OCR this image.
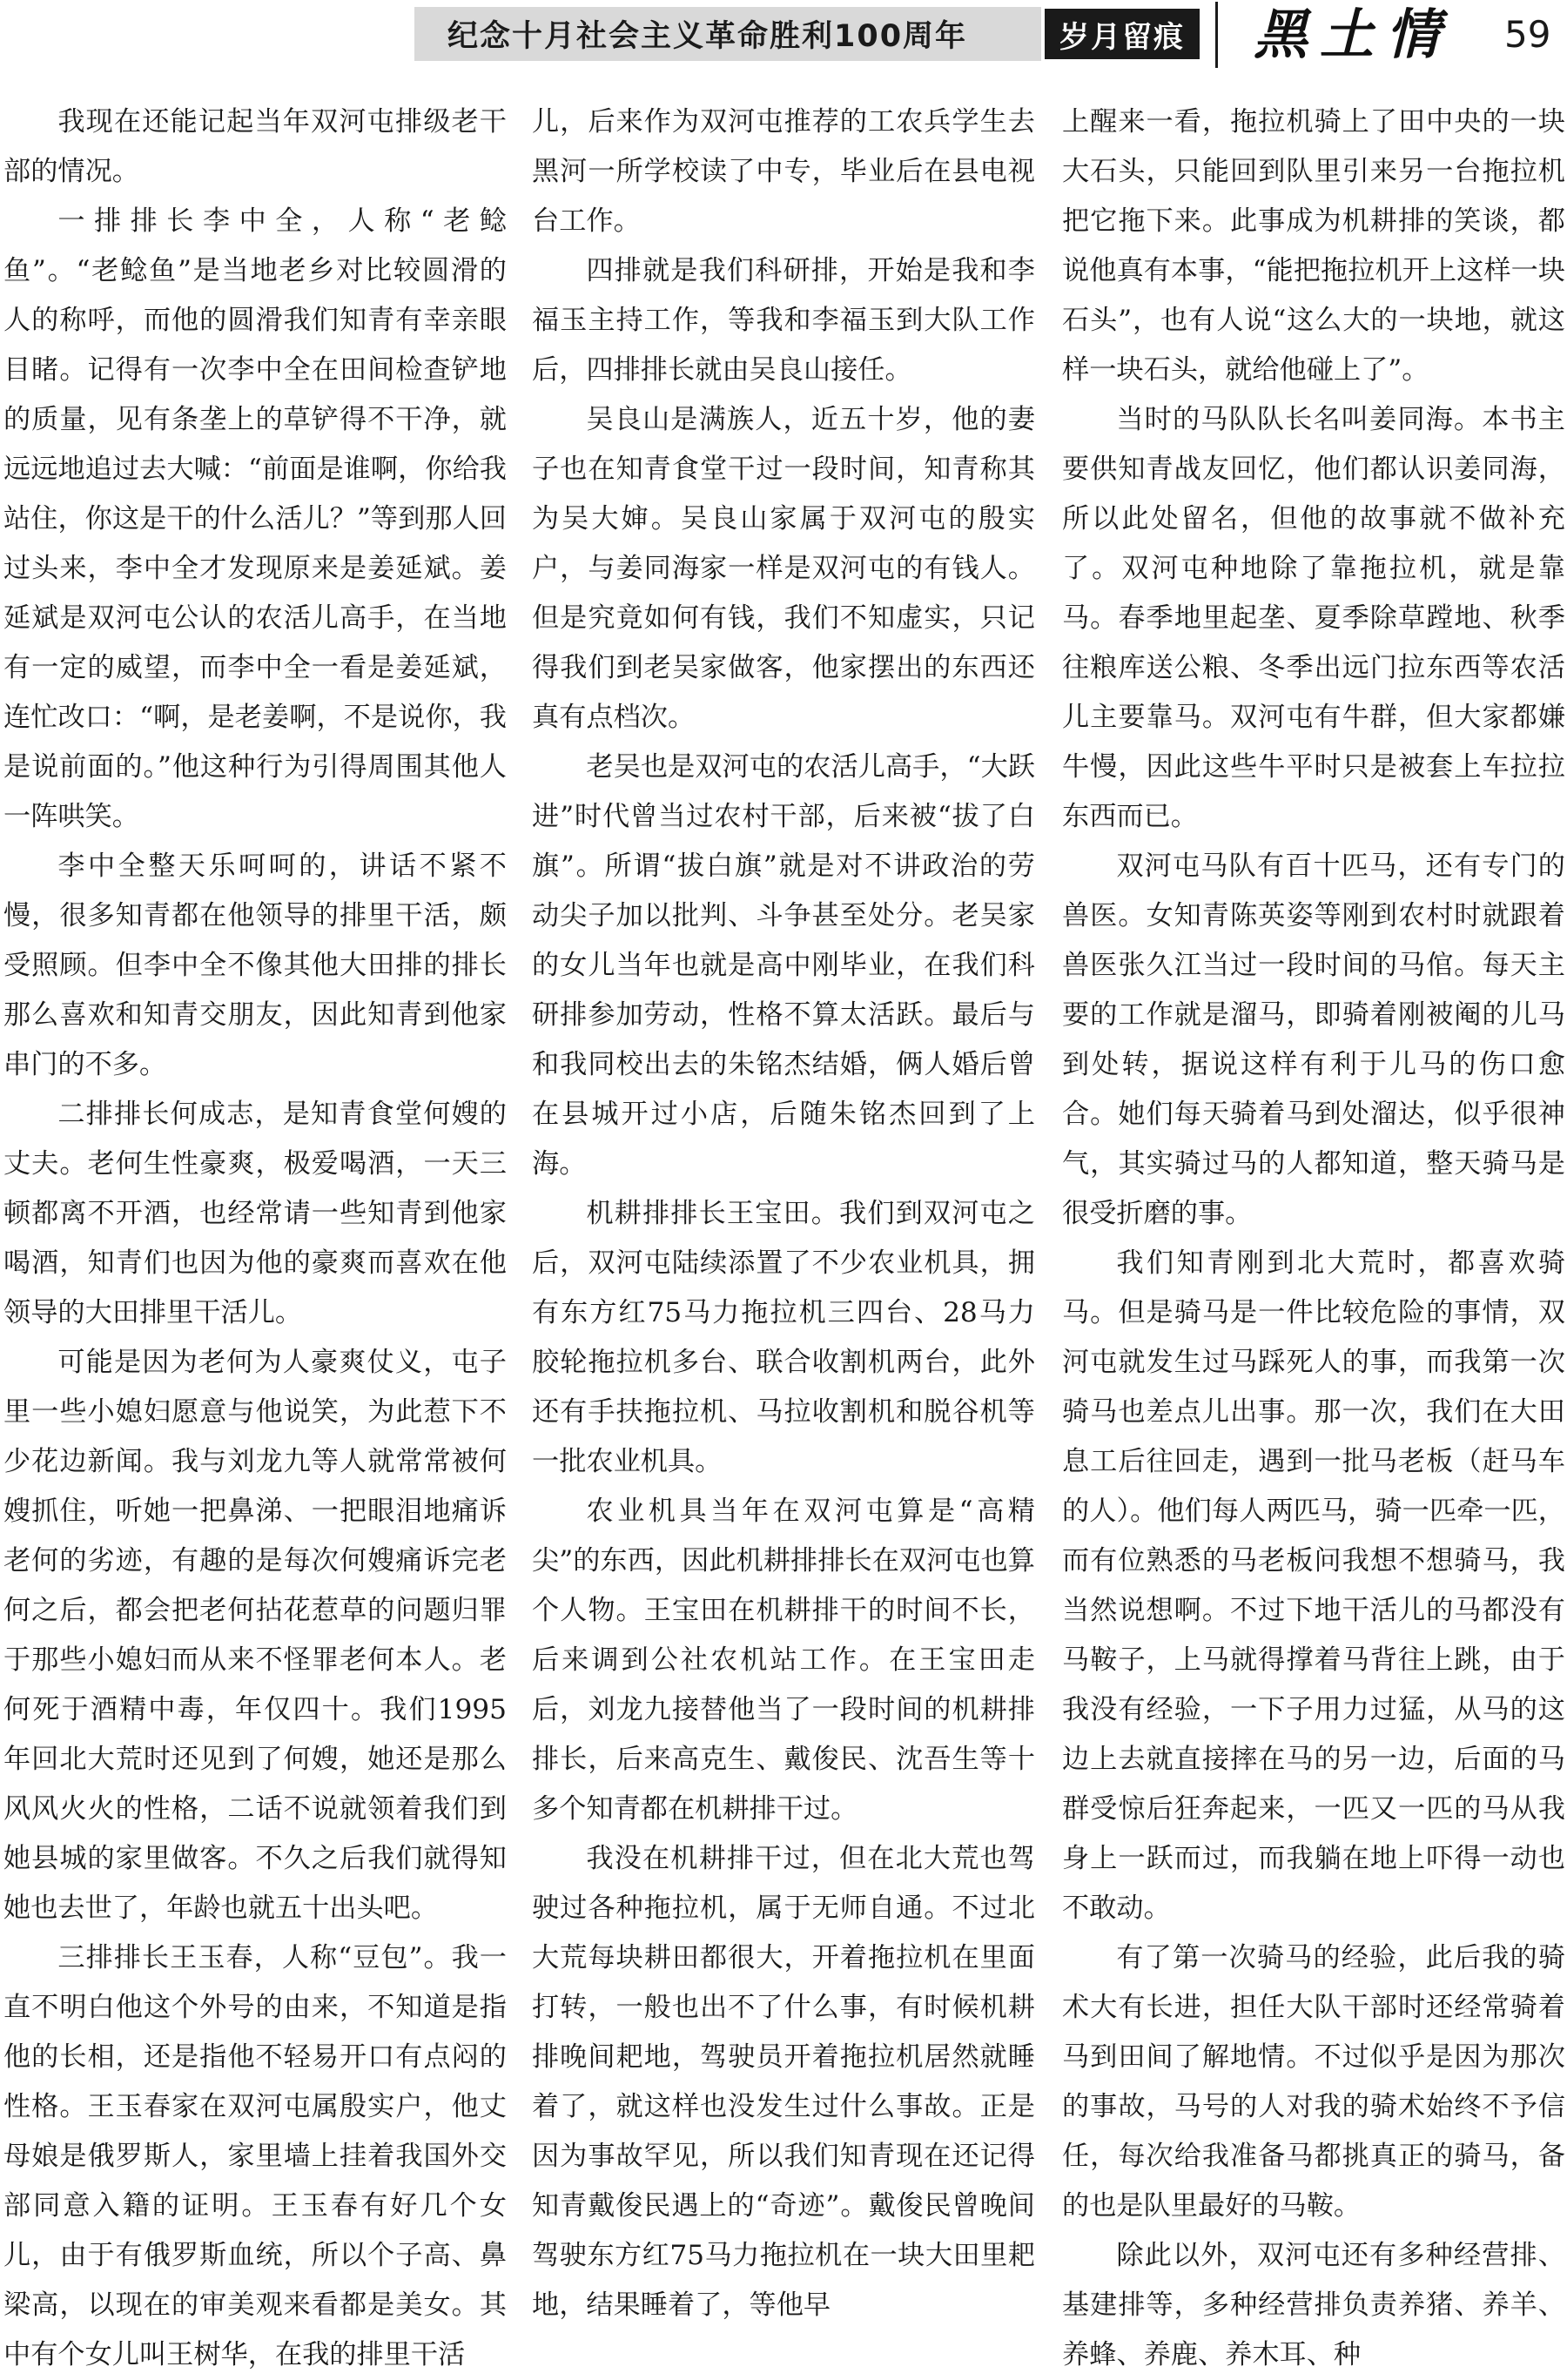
纪念十月社会主义革命胜利100周年	岁月留痕 黑土情 59

我现在还能记起当年双河屯排级老干部的情况。

一排排长李中全，人称“老鲶鱼”。“老鲶鱼”是当地老乡对比较圆滑的人的称呼，而他的圆滑我们知青有幸亲眼目睹。记得有一次李中全在田间检查铲地的质量，见有条垄上的草铲得不干净，就远远地追过去大喊：“前面是谁啊，你给我站住，你这是干的什么活儿？”等到那人回过头来，李中全才发现原来是姜延斌。姜延斌是双河屯公认的农活儿高手，在当地有一定的威望，而李中全一看是姜延斌，连忙改口：“啊，是老姜啊，不是说你，我是说前面的。”他这种行为引得周围其他人一阵哄笑。

李中全整天乐呵呵的，讲话不紧不慢，很多知青都在他领导的排里干活，颇受照顾。但李中全不像其他大田排的排长那么喜欢和知青交朋友，因此知青到他家串门的不多。

二排排长何成志，是知青食堂何嫂的丈夫。老何生性豪爽，极爱喝酒，一天三顿都离不开酒，也经常请一些知青到他家喝酒，知青们也因为他的豪爽而喜欢在他领导的大田排里干活儿。

可能是因为老何为人豪爽仗义，屯子里一些小媳妇愿意与他说笑，为此惹下不少花边新闻。我与刘龙九等人就常常被何嫂抓住，听她一把鼻涕、一把眼泪地痛诉老何的劣迹，有趣的是每次何嫂痛诉完老何之后，都会把老何拈花惹草的问题归罪于那些小媳妇而从来不怪罪老何本人。老何死于酒精中毒，年仅四十。我们1995年回北大荒时还见到了何嫂，她还是那么风风火火的性格，二话不说就领着我们到她县城的家里做客。不久之后我们就得知她也去世了，年龄也就五十出头吧。

三排排长王玉春，人称“豆包”。我一直不明白他这个外号的由来，不知道是指他的长相，还是指他不轻易开口有点闷的性格。王玉春家在双河屯属殷实户，他丈母娘是俄罗斯人，家里墙上挂着我国外交部同意入籍的证明。王玉春有好几个女儿，由于有俄罗斯血统，所以个子高、鼻梁高，以现在的审美观来看都是美女。其中有个女儿叫王树华，在我的排里干活

儿，后来作为双河屯推荐的工农兵学生去黑河一所学校读了中专，毕业后在县电视台工作。

四排就是我们科研排，开始是我和李福玉主持工作，等我和李福玉到大队工作后，四排排长就由吴良山接任。

吴良山是满族人，近五十岁，他的妻子也在知青食堂干过一段时间，知青称其为吴大婶。吴良山家属于双河屯的殷实户，与姜同海家一样是双河屯的有钱人。但是究竟如何有钱，我们不知虚实，只记得我们到老吴家做客，他家摆出的东西还真有点档次。

老吴也是双河屯的农活儿高手，“大跃进”时代曾当过农村干部，后来被“拔了白旗”。所谓“拔白旗”就是对不讲政治的劳动尖子加以批判、斗争甚至处分。老吴家的女儿当年也就是高中刚毕业，在我们科研排参加劳动，性格不算太活跃。最后与和我同校出去的朱铭杰结婚，俩人婚后曾在县城开过小店，后随朱铭杰回到了上海。

机耕排排长王宝田。我们到双河屯之后，双河屯陆续添置了不少农业机具，拥有东方红75马力拖拉机三四台、28马力胶轮拖拉机多台、联合收割机两台，此外还有手扶拖拉机、马拉收割机和脱谷机等一批农业机具。

农业机具当年在双河屯算是“高精尖”的东西，因此机耕排排长在双河屯也算个人物。王宝田在机耕排干的时间不长，后来调到公社农机站工作。在王宝田走后，刘龙九接替他当了一段时间的机耕排排长，后来高克生、戴俊民、沈吾生等十多个知青都在机耕排干过。

我没在机耕排干过，但在北大荒也驾驶过各种拖拉机，属于无师自通。不过北大荒每块耕田都很大，开着拖拉机在里面打转，一般也出不了什么事，有时候机耕排晚间耙地，驾驶员开着拖拉机居然就睡着了，就这样也没发生过什么事故。正是因为事故罕见，所以我们知青现在还记得知青戴俊民遇上的“奇迹”。戴俊民曾晚间驾驶东方红75马力拖拉机在一块大田里耙地，结果睡着了，等他早

上醒来一看，拖拉机骑上了田中央的一块大石头，只能回到队里引来另一台拖拉机把它拖下来。此事成为机耕排的笑谈，都说他真有本事，“能把拖拉机开上这样一块石头”，也有人说“这么大的一块地，就这样一块石头，就给他碰上了”。

当时的马队队长名叫姜同海。本书主要供知青战友回忆，他们都认识姜同海，所以此处留名，但他的故事就不做补充了。双河屯种地除了靠拖拉机，就是靠马。春季地里起垄、夏季除草蹚地、秋季往粮库送公粮、冬季出远门拉东西等农活儿主要靠马。双河屯有牛群，但大家都嫌牛慢，因此这些牛平时只是被套上车拉拉东西而已。

双河屯马队有百十匹马，还有专门的兽医。女知青陈英姿等刚到农村时就跟着兽医张久江当过一段时间的马倌。每天主要的工作就是溜马，即骑着刚被阉的儿马到处转，据说这样有利于儿马的伤口愈合。她们每天骑着马到处溜达，似乎很神气，其实骑过马的人都知道，整天骑马是很受折磨的事。

我们知青刚到北大荒时，都喜欢骑马。但是骑马是一件比较危险的事情，双河屯就发生过马踩死人的事，而我第一次骑马也差点儿出事。那一次，我们在大田息工后往回走，遇到一批马老板（赶马车的人）。他们每人两匹马，骑一匹牵一匹，而有位熟悉的马老板问我想不想骑马，我当然说想啊。不过下地干活儿的马都没有马鞍子，上马就得撑着马背往上跳，由于我没有经验，一下子用力过猛，从马的这边上去就直接摔在马的另一边，后面的马群受惊后狂奔起来，一匹又一匹的马从我身上一跃而过，而我躺在地上吓得一动也不敢动。

有了第一次骑马的经验，此后我的骑术大有长进，担任大队干部时还经常骑着马到田间了解地情。不过似乎是因为那次的事故，马号的人对我的骑术始终不予信任，每次给我准备马都挑真正的骑马，备的也是队里最好的马鞍。

除此以外，双河屯还有多种经营排、基建排等，多种经营排负责养猪、养羊、养蜂、养鹿、养木耳、种
